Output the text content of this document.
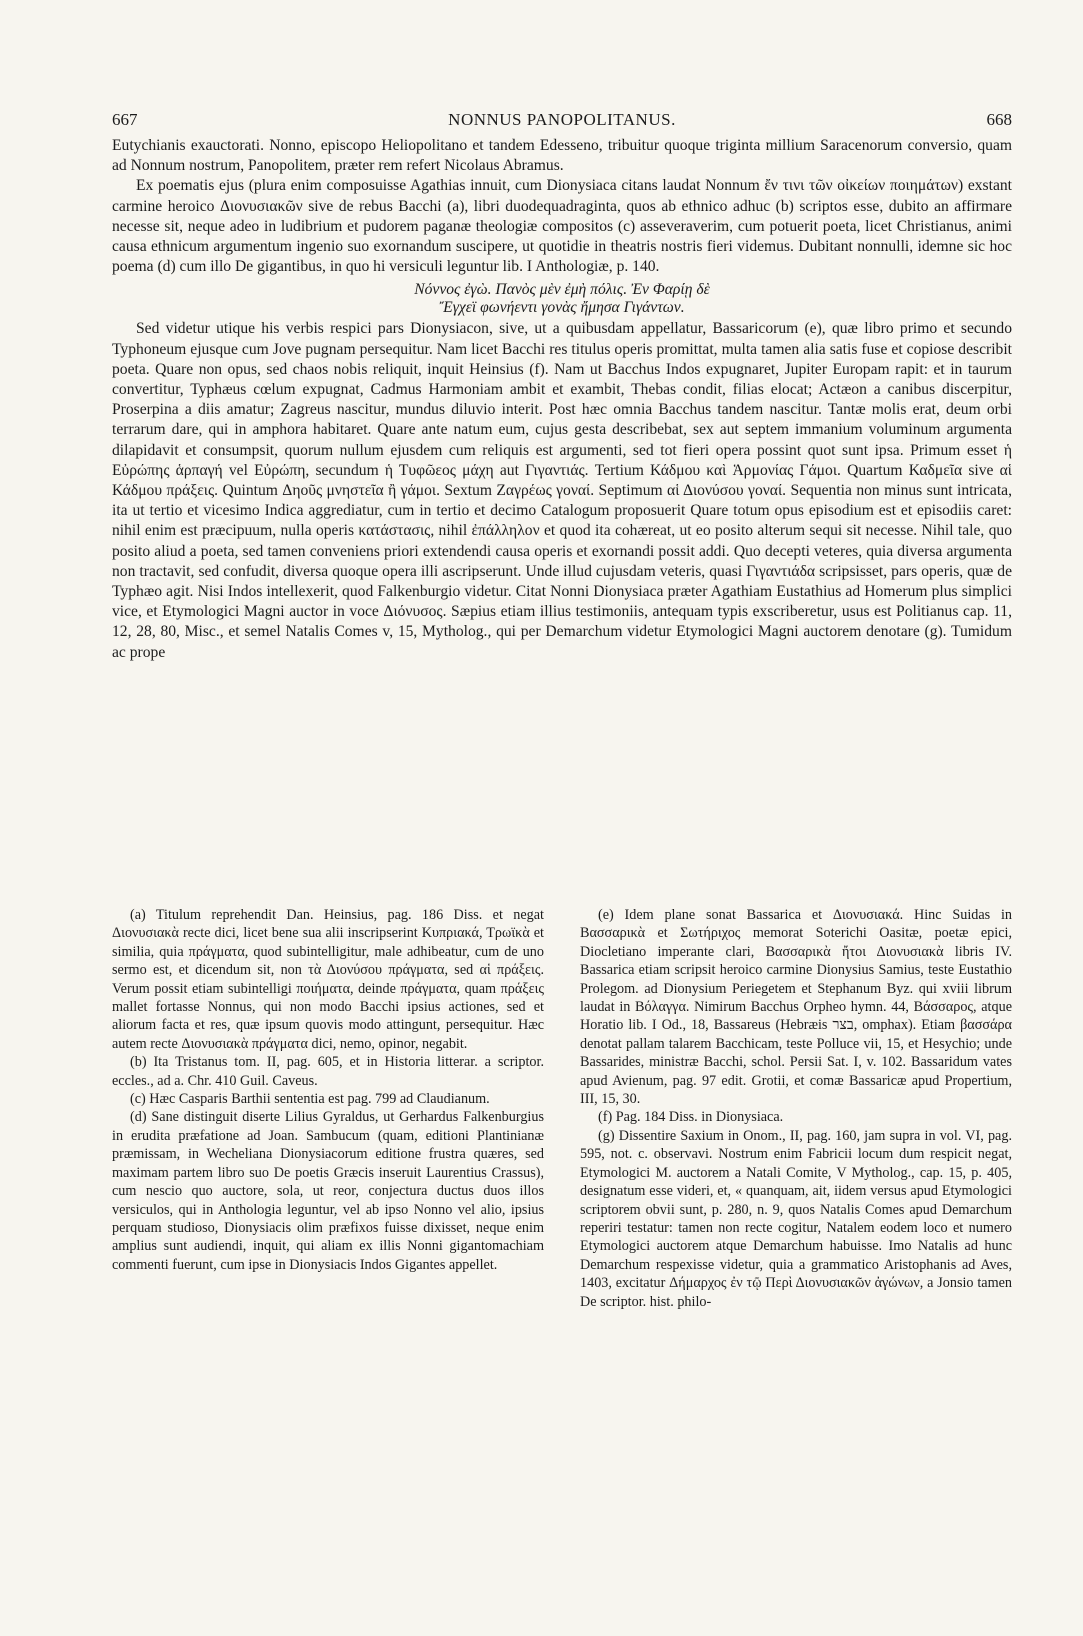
667	NONNUS PANOPOLITANUS.	668

Eutychianis exauctorati. Nonno, episcopo Heliopolitano et tandem Edesseno, tribuitur quoque triginta millium Saracenorum conversio, quam ad Nonnum nostrum, Panopolitem, præter rem refert Nicolaus Abramus.

Ex poematis ejus (plura enim composuisse Agathias innuit, cum Dionysiaca citans laudat Nonnum ἔν τινι τῶν οἰκείων ποιημάτων) exstant carmine heroico Διονυσιακῶν sive de rebus Bacchi (a), libri duodequadraginta, quos ab ethnico adhuc (b) scriptos esse, dubito an affirmare necesse sit, neque adeo in ludibrium et pudorem paganæ theologiæ compositos (c) asseveraverim, cum potuerit poeta, licet Christianus, animi causa ethnicum argumentum ingenio suo exornandum suscipere, ut quotidie in theatris nostris fieri videmus. Dubitant nonnulli, idemne sic hoc poema (d) cum illo De gigantibus, in quo hi versiculi leguntur lib. I Anthologiæ, p. 140.

Νόννος ἐγὼ. Πανὸς μὲν ἐμὴ πόλις. Ἐν Φαρίῃ δὲ
Ἔγχεϊ φωνήεντι γονὰς ἤμησα Γιγάντων.

Sed videtur utique his verbis respici pars Dionysiacon, sive, ut a quibusdam appellatur, Bassaricorum (e), quæ libro primo et secundo Typhoneum ejusque cum Jove pugnam persequitur. Nam licet Bacchi res titulus operis promittat, multa tamen alia satis fuse et copiose describit poeta. Quare non opus, sed chaos nobis reliquit, inquit Heinsius (f). Nam ut Bacchus Indos expugnaret, Jupiter Europam rapit: et in taurum convertitur, Typhæus cœlum expugnat, Cadmus Harmoniam ambit et exambit, Thebas condit, filias elocat; Actæon a canibus discerpitur, Proserpina a diis amatur; Zagreus nascitur, mundus diluvio interit. Post hæc omnia Bacchus tandem nascitur. Tantæ molis erat, deum orbi terrarum dare, qui in amphora habitaret. Quare ante natum eum, cujus gesta describebat, sex aut septem immanium voluminum argumenta dilapidavit et consumpsit, quorum nullum ejusdem cum reliquis est argumenti, sed tot fieri opera possint quot sunt ipsa. Primum esset ἡ Εὐρώπης ἁρπαγή vel Εὐρώπη, secundum ἡ Τυφῶεος μάχη aut Γιγαντιάς. Tertium Κάδμου καὶ Ἁρμονίας Γάμοι. Quartum Καδμεῖα sive αἱ Κάδμου πράξεις. Quintum Δηοῦς μνηστεῖα ἢ γάμοι. Sextum Ζαγρέως γοναί. Septimum αἱ Διονύσου γοναί. Sequentia non minus sunt intricata, ita ut tertio et vicesimo Indica aggrediatur, cum in tertio et decimo Catalogum proposuerit Quare totum opus episodium est et episodiis caret: nihil enim est præcipuum, nulla operis κατάστασις, nihil ἐπάλληλον et quod ita cohæreat, ut eo posito alterum sequi sit necesse. Nihil tale, quo posito aliud a poeta, sed tamen conveniens priori extendendi causa operis et exornandi possit addi. Quo decepti veteres, quia diversa argumenta non tractavit, sed confudit, diversa quoque opera illi ascripserunt. Unde illud cujusdam veteris, quasi Γιγαντιάδα scripsisset, pars operis, quæ de Typhæo agit. Nisi Indos intellexerit, quod Falkenburgio videtur. Citat Nonni Dionysiaca præter Agathiam Eustathius ad Homerum plus simplici vice, et Etymologici Magni auctor in voce Διόνυσος. Sæpius etiam illius testimoniis, antequam typis exscriberetur, usus est Politianus cap. 11, 12, 28, 80, Misc., et semel Natalis Comes v, 15, Mytholog., qui per Demarchum videtur Etymologici Magni auctorem denotare (g). Tumidum ac prope

(a) Titulum reprehendit Dan. Heinsius, pag. 186 Diss. et negat Διονυσιακὰ recte dici, licet bene sua alii inscripserint Κυπριακά, Τρωϊκὰ et similia, quia πράγματα, quod subintelligitur, male adhibeatur, cum de uno sermo est, et dicendum sit, non τὰ Διονύσου πράγματα, sed αἱ πράξεις. Verum possit etiam subintelligi ποιήματα, deinde πράγματα, quam πράξεις mallet fortasse Nonnus, qui non modo Bacchi ipsius actiones, sed et aliorum facta et res, quæ ipsum quovis modo attingunt, persequitur. Hæc autem recte Διονυσιακὰ πράγματα dici, nemo, opinor, negabit.

(b) Ita Tristanus tom. II, pag. 605, et in Historia litterar. a scriptor. eccles., ad a. Chr. 410 Guil. Caveus.

(c) Hæc Casparis Barthii sententia est pag. 799 ad Claudianum.

(d) Sane distinguit diserte Lilius Gyraldus, ut Gerhardus Falkenburgius in erudita præfatione ad Joan. Sambucum (quam, editioni Plantinianæ præmissam, in Wecheliana Dionysiacorum editione frustra quæres, sed maximam partem libro suo De poetis Græcis inseruit Laurentius Crassus), cum nescio quo auctore, sola, ut reor, conjectura ductus duos illos versiculos, qui in Anthologia leguntur, vel ab ipso Nonno vel alio, ipsius perquam studioso, Dionysiacis olim præfixos fuisse dixisset, neque enim amplius sunt audiendi, inquit, qui aliam ex illis Nonni gigantomachiam commenti fuerunt, cum ipse in Dionysiacis Indos Gigantes appellet.

(e) Idem plane sonat Bassarica et Διονυσιακά. Hinc Suidas in Βασσαρικὰ et Σωτήριχος memorat Soterichi Oasitæ, poetæ epici, Diocletiano imperante clari, Βασσαρικὰ ἤτοι Διονυσιακὰ libris IV. Bassarica etiam scripsit heroico carmine Dionysius Samius, teste Eustathio Prolegom. ad Dionysium Periegetem et Stephanum Byz. qui xviii librum laudat in Βόλαγγα. Nimirum Bacchus Orpheo hymn. 44, Βάσσαρος, atque Horatio lib. I Od., 18, Bassareus (Hebræis בצר, omphax). Etiam βασσάρα denotat pallam talarem Bacchicam, teste Polluce vii, 15, et Hesychio; unde Bassarides, ministræ Bacchi, schol. Persii Sat. I, v. 102. Bassaridum vates apud Avienum, pag. 97 edit. Grotii, et comæ Bassaricæ apud Propertium, III, 15, 30.

(f) Pag. 184 Diss. in Dionysiaca.

(g) Dissentire Saxium in Onom., II, pag. 160, jam supra in vol. VI, pag. 595, not. c. observavi. Nostrum enim Fabricii locum dum respicit negat, Etymologici M. auctorem a Natali Comite, V Mytholog., cap. 15, p. 405, designatum esse videri, et, « quanquam, ait, iidem versus apud Etymologici scriptorem obvii sunt, p. 280, n. 9, quos Natalis Comes apud Demarchum reperiri testatur: tamen non recte cogitur, Natalem eodem loco et numero Etymologici auctorem atque Demarchum habuisse. Imo Natalis ad hunc Demarchum respexisse videtur, quia a grammatico Aristophanis ad Aves, 1403, excitatur Δήμαρχος ἐν τῷ Περὶ Διονυσιακῶν ἀγώνων, a Jonsio tamen De scriptor. hist. philo-
